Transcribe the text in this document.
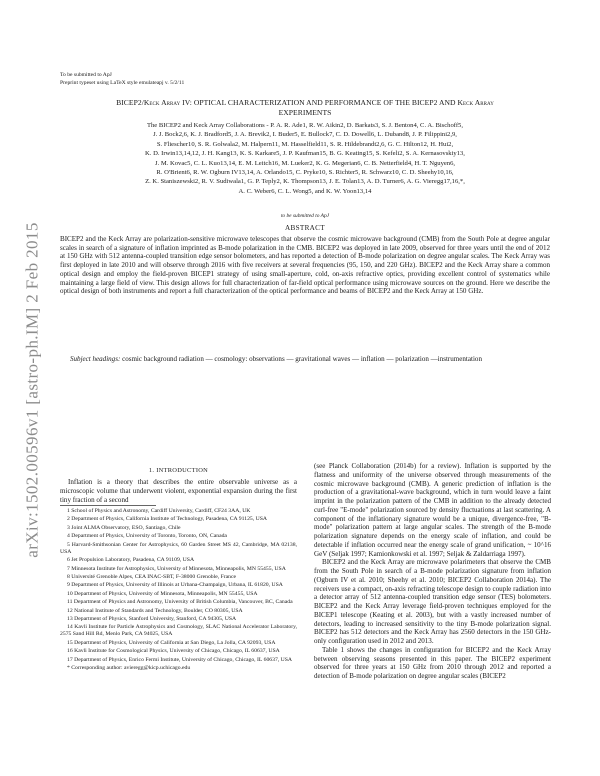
To be submitted to ApJ
Preprint typeset using LaTeX style emulateapj v. 5/2/11
arXiv:1502.00596v1 [astro-ph.IM] 2 Feb 2015
BICEP2/Keck Array IV: OPTICAL CHARACTERIZATION AND PERFORMANCE OF THE BICEP2 AND Keck Array
EXPERIMENTS
The BICEP2 and Keck Array Collaborations - P. A. R. Ade1, R. W. Aikin2, D. Barkats3, S. J. Benton4, C. A. Bischoff5,
J. J. Bock2,6, K. J. Bradford5, J. A. Brevik2, I. Buder5, E. Bullock7, C. D. Dowell6, L. Duband8, J. P. Filippini2,9,
S. Fliescher10, S. R. Golwala2, M. Halpern11, M. Hasselfield11, S. R. Hildebrandt2,6, G. C. Hilton12, H. Hui2,
K. D. Irwin13,14,12, J. H. Kang13, K. S. Karkare5, J. P. Kaufman15, B. G. Keating15, S. Kefeli2, S. A. Kernasovskiy13,
J. M. Kovac5, C. L. Kuo13,14, E. M. Leitch16, M. Lueker2, K. G. Megerian6, C. B. Netterfield4, H. T. Nguyen6,
R. O'Brient6, R. W. Ogburn IV13,14, A. Orlando15, C. Pryke10, S. Richter5, R. Schwarz10, C. D. Sheehy10,16,
Z. K. Staniszewski2, R. V. Sudiwala1, G. P. Teply2, K. Thompson13, J. E. Tolan13, A. D. Turner6, A. G. Vieregg17,16,*,
A. C. Weber6, C. L. Wong5, and K. W. Yoon13,14
to be submitted to ApJ
ABSTRACT
BICEP2 and the Keck Array are polarization-sensitive microwave telescopes that observe the cosmic microwave background (CMB) from the South Pole at degree angular scales in search of a signature of inflation imprinted as B-mode polarization in the CMB. BICEP2 was deployed in late 2009, observed for three years until the end of 2012 at 150 GHz with 512 antenna-coupled transition edge sensor bolometers, and has reported a detection of B-mode polarization on degree angular scales. The Keck Array was first deployed in late 2010 and will observe through 2016 with five receivers at several frequencies (95, 150, and 220 GHz). BICEP2 and the Keck Array share a common optical design and employ the field-proven BICEP1 strategy of using small-aperture, cold, on-axis refractive optics, providing excellent control of systematics while maintaining a large field of view. This design allows for full characterization of far-field optical performance using microwave sources on the ground. Here we describe the optical design of both instruments and report a full characterization of the optical performance and beams of BICEP2 and the Keck Array at 150 GHz.
Subject headings: cosmic background radiation — cosmology: observations — gravitational waves — inflation — polarization —instrumentation
1. INTRODUCTION
Inflation is a theory that describes the entire observable universe as a microscopic volume that underwent violent, exponential expansion during the first tiny fraction of a second

1 School of Physics and Astronomy, Cardiff University, Cardiff, CF24 3AA, UK

2 Department of Physics, California Institute of Technology, Pasadena, CA 91125, USA

3 Joint ALMA Observatory, ESO, Santiago, Chile

4 Department of Physics, University of Toronto, Toronto, ON, Canada

5 Harvard-Smithsonian Center for Astrophysics, 60 Garden Street MS 42, Cambridge, MA 02138, USA

6 Jet Propulsion Laboratory, Pasadena, CA 91109, USA

7 Minnesota Institute for Astrophysics, University of Minnesota, Minneapolis, MN 55455, USA

8 Université Grenoble Alpes, CEA INAC-SBT, F-38000 Grenoble, France

9 Department of Physics, University of Illinois at Urbana-Champaign, Urbana, IL 61820, USA

10 Department of Physics, University of Minnesota, Minneapolis, MN 55455, USA

11 Department of Physics and Astronomy, University of British Columbia, Vancouver, BC, Canada

12 National Institute of Standards and Technology, Boulder, CO 80305, USA

13 Department of Physics, Stanford University, Stanford, CA 94305, USA

14 Kavli Institute for Particle Astrophysics and Cosmology, SLAC National Accelerator Laboratory, 2575 Sand Hill Rd, Menlo Park, CA 94025, USA

15 Department of Physics, University of California at San Diego, La Jolla, CA 92093, USA

16 Kavli Institute for Cosmological Physics, University of Chicago, Chicago, IL 60637, USA

17 Department of Physics, Enrico Fermi Institute, University of Chicago, Chicago, IL 60637, USA

* Corresponding author: avieregg@kicp.uchicago.edu

(see Planck Collaboration (2014b) for a review). Inflation is supported by the flatness and uniformity of the universe observed through measurements of the cosmic microwave background (CMB). A generic prediction of inflation is the production of a gravitational-wave background, which in turn would leave a faint imprint in the polarization pattern of the CMB in addition to the already detected curl-free "E-mode" polarization sourced by density fluctuations at last scattering. A component of the inflationary signature would be a unique, divergence-free, "B-mode" polarization pattern at large angular scales. The strength of the B-mode polarization signature depends on the energy scale of inflation, and could be detectable if inflation occurred near the energy scale of grand unification, ~ 10^16 GeV (Seljak 1997; Kamionkowski et al. 1997; Seljak & Zaldarriaga 1997).

BICEP2 and the Keck Array are microwave polarimeters that observe the CMB from the South Pole in search of a B-mode polarization signature from inflation (Ogburn IV et al. 2010; Sheehy et al. 2010; BICEP2 Collaboration 2014a). The receivers use a compact, on-axis refracting telescope design to couple radiation into a detector array of 512 antenna-coupled transition edge sensor (TES) bolometers. BICEP2 and the Keck Array leverage field-proven techniques employed for the BICEP1 telescope (Keating et al. 2003), but with a vastly increased number of detectors, leading to increased sensitivity to the tiny B-mode polarization signal. BICEP2 has 512 detectors and the Keck Array has 2560 detectors in the 150 GHz-only configuration used in 2012 and 2013.

Table 1 shows the changes in configuration for BICEP2 and the Keck Array between observing seasons presented in this paper. The BICEP2 experiment observed for three years at 150 GHz from 2010 through 2012 and reported a detection of B-mode polarization on degree angular scales (BICEP2
